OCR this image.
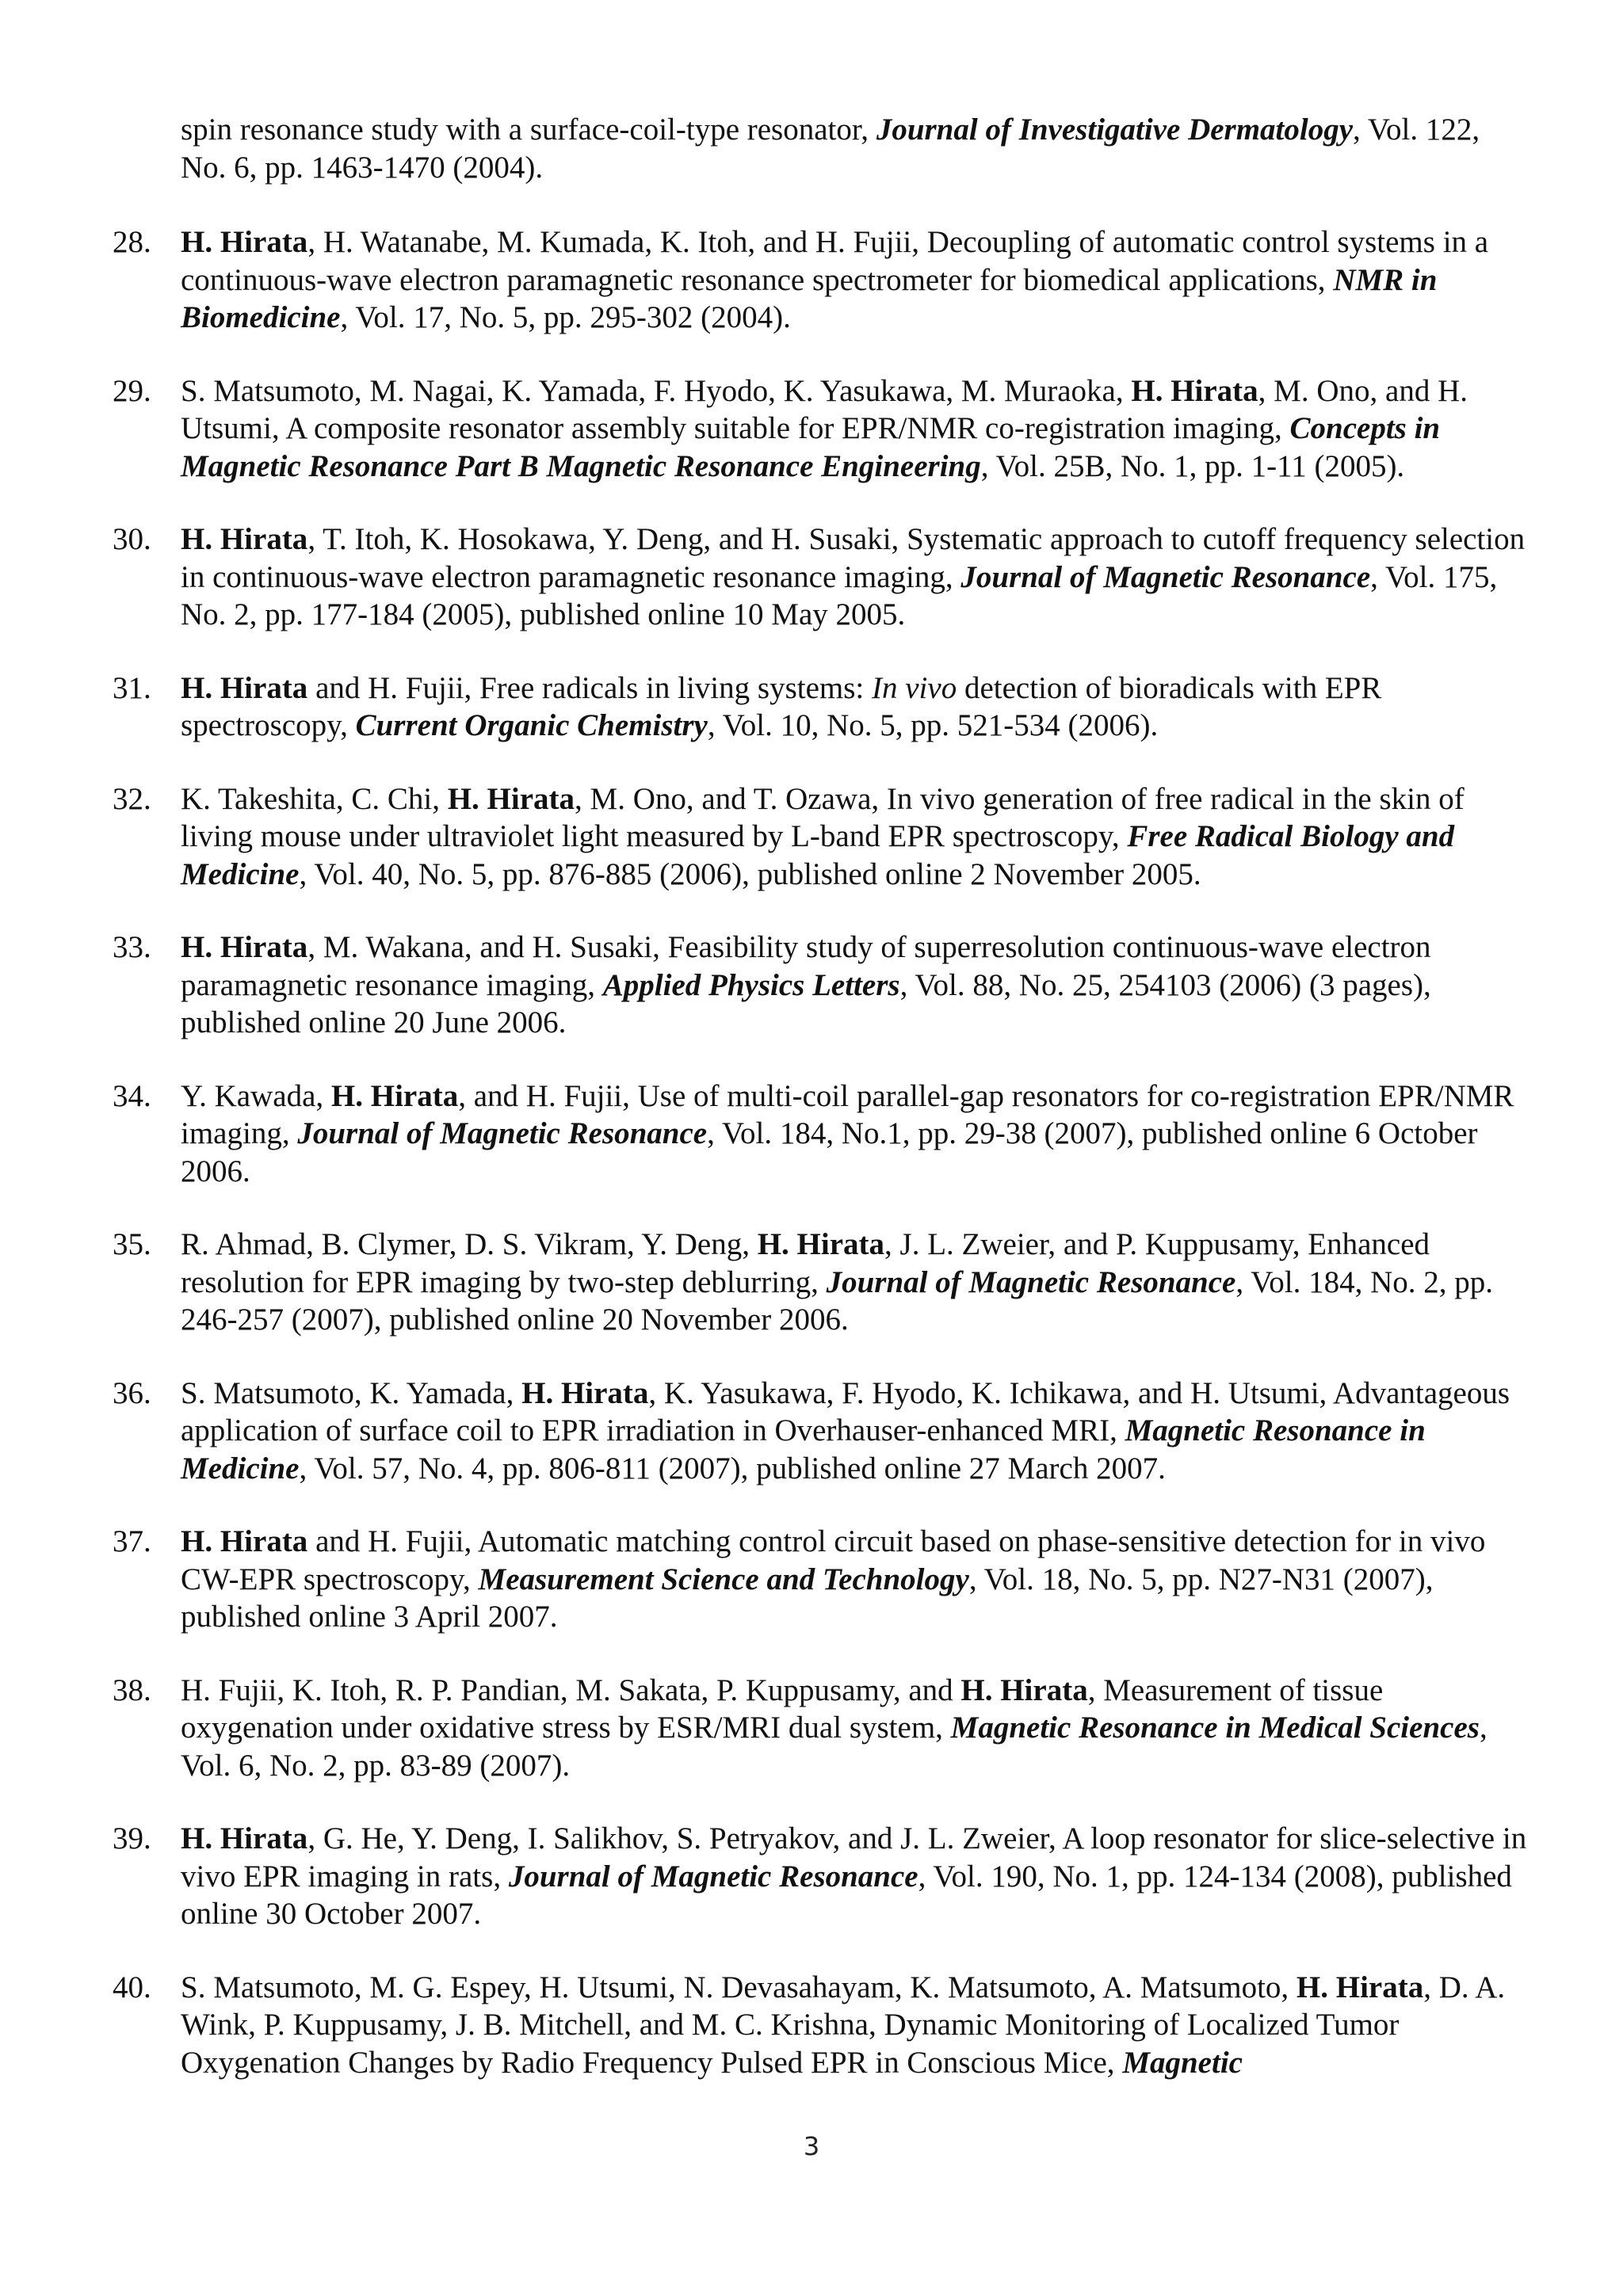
spin resonance study with a surface-coil-type resonator, Journal of Investigative Dermatology, Vol. 122, No. 6, pp. 1463-1470 (2004).

28. H. Hirata, H. Watanabe, M. Kumada, K. Itoh, and H. Fujii, Decoupling of automatic control systems in a continuous-wave electron paramagnetic resonance spectrometer for biomedical applications, NMR in Biomedicine, Vol. 17, No. 5, pp. 295-302 (2004).
29. S. Matsumoto, M. Nagai, K. Yamada, F. Hyodo, K. Yasukawa, M. Muraoka, H. Hirata, M. Ono, and H. Utsumi, A composite resonator assembly suitable for EPR/NMR co-registration imaging, Concepts in Magnetic Resonance Part B Magnetic Resonance Engineering, Vol. 25B, No. 1, pp. 1-11 (2005).
30. H. Hirata, T. Itoh, K. Hosokawa, Y. Deng, and H. Susaki, Systematic approach to cutoff frequency selection in continuous-wave electron paramagnetic resonance imaging, Journal of Magnetic Resonance, Vol. 175, No. 2, pp. 177-184 (2005), published online 10 May 2005.
31. H. Hirata and H. Fujii, Free radicals in living systems: In vivo detection of bioradicals with EPR spectroscopy, Current Organic Chemistry, Vol. 10, No. 5, pp. 521-534 (2006).
32. K. Takeshita, C. Chi, H. Hirata, M. Ono, and T. Ozawa, In vivo generation of free radical in the skin of living mouse under ultraviolet light measured by L-band EPR spectroscopy, Free Radical Biology and Medicine, Vol. 40, No. 5, pp. 876-885 (2006), published online 2 November 2005.
33. H. Hirata, M. Wakana, and H. Susaki, Feasibility study of superresolution continuous-wave electron paramagnetic resonance imaging, Applied Physics Letters, Vol. 88, No. 25, 254103 (2006) (3 pages), published online 20 June 2006.
34. Y. Kawada, H. Hirata, and H. Fujii, Use of multi-coil parallel-gap resonators for co-registration EPR/NMR imaging, Journal of Magnetic Resonance, Vol. 184, No.1, pp. 29-38 (2007), published online 6 October 2006.
35. R. Ahmad, B. Clymer, D. S. Vikram, Y. Deng, H. Hirata, J. L. Zweier, and P. Kuppusamy, Enhanced resolution for EPR imaging by two-step deblurring, Journal of Magnetic Resonance, Vol. 184, No. 2, pp. 246-257 (2007), published online 20 November 2006.
36. S. Matsumoto, K. Yamada, H. Hirata, K. Yasukawa, F. Hyodo, K. Ichikawa, and H. Utsumi, Advantageous application of surface coil to EPR irradiation in Overhauser-enhanced MRI, Magnetic Resonance in Medicine, Vol. 57, No. 4, pp. 806-811 (2007), published online 27 March 2007.
37. H. Hirata and H. Fujii, Automatic matching control circuit based on phase-sensitive detection for in vivo CW-EPR spectroscopy, Measurement Science and Technology, Vol. 18, No. 5, pp. N27-N31 (2007), published online 3 April 2007.
38. H. Fujii, K. Itoh, R. P. Pandian, M. Sakata, P. Kuppusamy, and H. Hirata, Measurement of tissue oxygenation under oxidative stress by ESR/MRI dual system, Magnetic Resonance in Medical Sciences, Vol. 6, No. 2, pp. 83-89 (2007).
39. H. Hirata, G. He, Y. Deng, I. Salikhov, S. Petryakov, and J. L. Zweier, A loop resonator for slice-selective in vivo EPR imaging in rats, Journal of Magnetic Resonance, Vol. 190, No. 1, pp. 124-134 (2008), published online 30 October 2007.
40. S. Matsumoto, M. G. Espey, H. Utsumi, N. Devasahayam, K. Matsumoto, A. Matsumoto, H. Hirata, D. A. Wink, P. Kuppusamy, J. B. Mitchell, and M. C. Krishna, Dynamic Monitoring of Localized Tumor Oxygenation Changes by Radio Frequency Pulsed EPR in Conscious Mice, Magnetic
3
